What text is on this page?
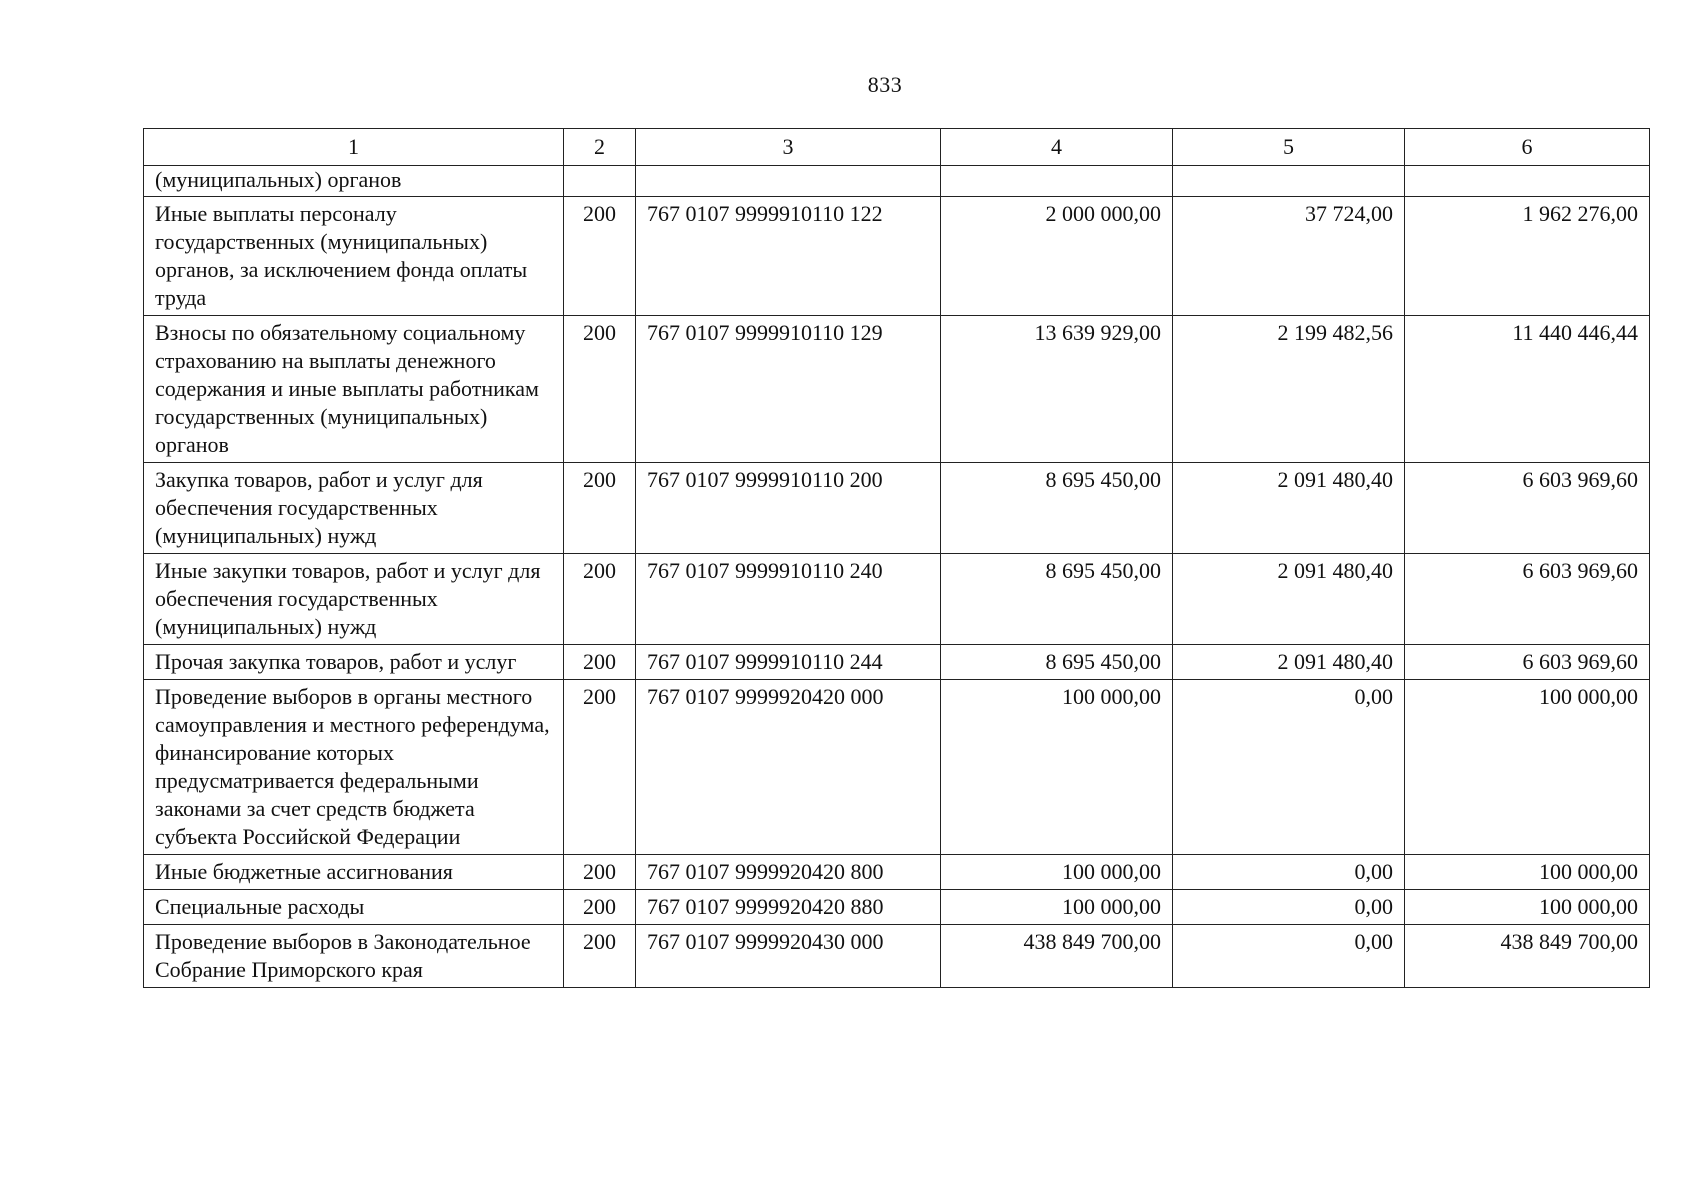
833
1	2	3	4	5	6
(муниципальных) органов					
Иные выплаты персоналу государственных (муниципальных) органов, за исключением фонда оплаты труда	200	767 0107 9999910110 122	2 000 000,00	37 724,00	1 962 276,00
Взносы по обязательному социальному страхованию на выплаты денежного содержания и иные выплаты работникам государственных (муниципальных) органов	200	767 0107 9999910110 129	13 639 929,00	2 199 482,56	11 440 446,44
Закупка товаров, работ и услуг для обеспечения государственных (муниципальных) нужд	200	767 0107 9999910110 200	8 695 450,00	2 091 480,40	6 603 969,60
Иные закупки товаров, работ и услуг для обеспечения государственных (муниципальных) нужд	200	767 0107 9999910110 240	8 695 450,00	2 091 480,40	6 603 969,60
Прочая закупка товаров, работ и услуг	200	767 0107 9999910110 244	8 695 450,00	2 091 480,40	6 603 969,60
Проведение выборов в органы местного самоуправления и местного референдума, финансирование которых предусматривается федеральными законами за счет средств бюджета субъекта Российской Федерации	200	767 0107 9999920420 000	100 000,00	0,00	100 000,00
Иные бюджетные ассигнования	200	767 0107 9999920420 800	100 000,00	0,00	100 000,00
Специальные расходы	200	767 0107 9999920420 880	100 000,00	0,00	100 000,00
Проведение выборов в Законодательное Собрание Приморского края	200	767 0107 9999920430 000	438 849 700,00	0,00	438 849 700,00
